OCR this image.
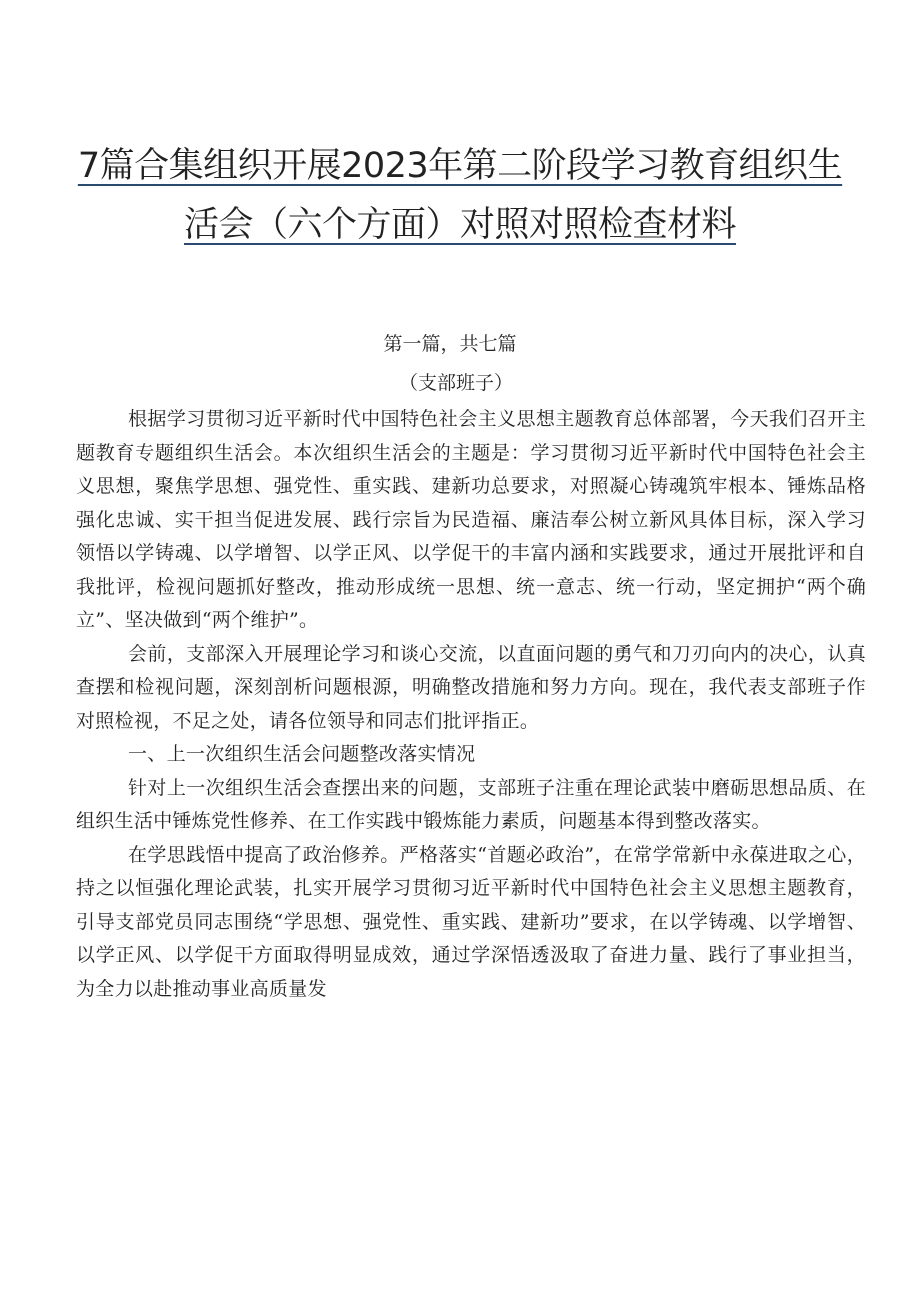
7篇合集组织开展2023年第二阶段学习教育组织生
活会（六个方面）对照对照检查材料

第一篇，共七篇

（支部班子）

根据学习贯彻习近平新时代中国特色社会主义思想主题教育总体部署，今天我们召开主题教育专题组织生活会。本次组织生活会的主题是：学习贯彻习近平新时代中国特色社会主义思想，聚焦学思想、强党性、重实践、建新功总要求，对照凝心铸魂筑牢根本、锤炼品格强化忠诚、实干担当促进发展、践行宗旨为民造福、廉洁奉公树立新风具体目标，深入学习领悟以学铸魂、以学增智、以学正风、以学促干的丰富内涵和实践要求，通过开展批评和自我批评，检视问题抓好整改，推动形成统一思想、统一意志、统一行动，坚定拥护“两个确立”、坚决做到“两个维护”。

会前，支部深入开展理论学习和谈心交流，以直面问题的勇气和刀刃向内的决心，认真查摆和检视问题，深刻剖析问题根源，明确整改措施和努力方向。现在，我代表支部班子作对照检视，不足之处，请各位领导和同志们批评指正。

一、上一次组织生活会问题整改落实情况

针对上一次组织生活会查摆出来的问题，支部班子注重在理论武装中磨砺思想品质、在组织生活中锤炼党性修养、在工作实践中锻炼能力素质，问题基本得到整改落实。

在学思践悟中提高了政治修养。严格落实“首题必政治”，在常学常新中永葆进取之心，持之以恒强化理论武装，扎实开展学习贯彻习近平新时代中国特色社会主义思想主题教育，引导支部党员同志围绕“学思想、强党性、重实践、建新功”要求，在以学铸魂、以学增智、以学正风、以学促干方面取得明显成效，通过学深悟透汲取了奋进力量、践行了事业担当，为全力以赴推动事业高质量发
